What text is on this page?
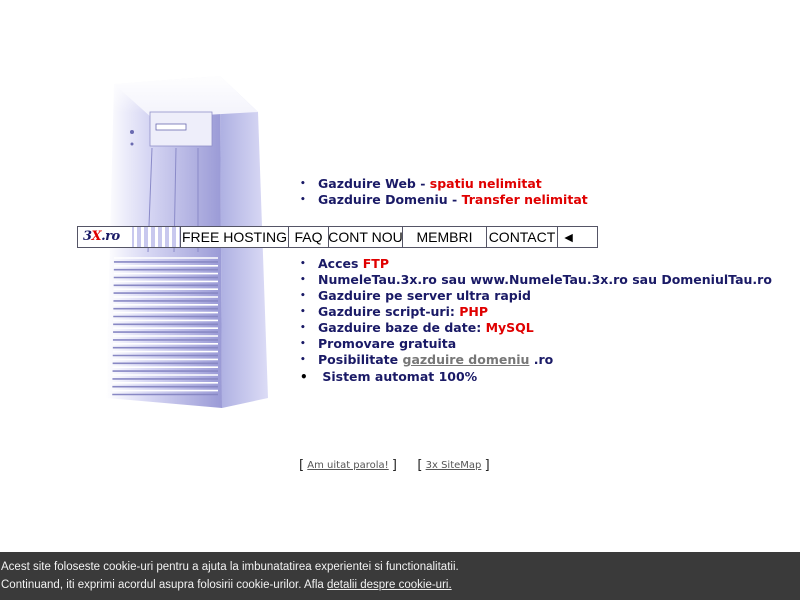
• Gazduire Web - spatiu nelimitat
• Gazduire Domeniu - Transfer nelimitat
3X.ro	FREE HOSTING FAQ CONT NOU MEMBRI	CONTACT ◄
• Acces FTP
• NumeleTau.3x.ro sau www.NumeleTau.3x.ro sau DomeniulTau.ro
• Gazduire pe server ultra rapid
• Gazduire script-uri: PHP
• Gazduire baze de date: MySQL
• Promovare gratuita
• Posibilitate gazduire domeniu .ro
• Sistem automat 100%
[ Am uitat parola! ] [ 3x SiteMap ]
Acest site foloseste cookie-uri pentru a ajuta la imbunatatirea experientei si functionalitatii.
Continuand, iti exprimi acordul asupra folosirii cookie-urilor. Afla detalii despre cookie-uri.
